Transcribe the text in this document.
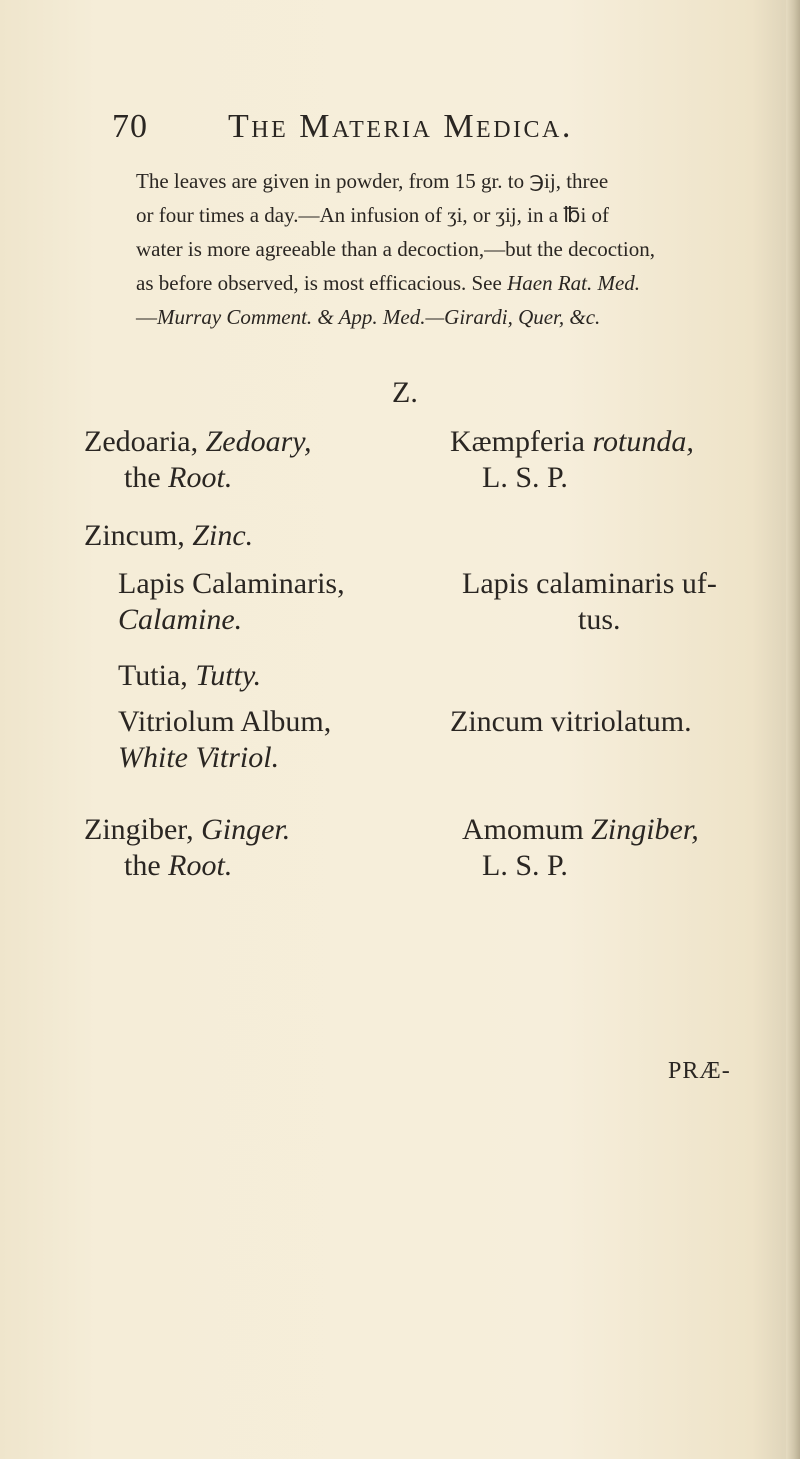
70 The Materia Medica.
The leaves are given in powder, from 15 gr. to ℈ij, three
or four times a day.—An infusion of ʒi, or ʒij, in a ℔i of
water is more agreeable than a decoction,—but the decoction,
as before observed, is most efficacious. See Haen Rat. Med.
—Murray Comment. & App. Med.—Girardi, Quer, &c.
Z.
Zedoaria, Zedoary,
the Root.
Kæmpferia rotunda,
L. S. P.
Zincum, Zinc.
Lapis Calaminaris,
Calamine.
Lapis calaminaris uf-
tus.
Tutia, Tutty.
Vitriolum Album,
White Vitriol.
Zincum vitriolatum.
Zingiber, Ginger.
the Root.
Amomum Zingiber,
L. S. P.
PRÆ-
